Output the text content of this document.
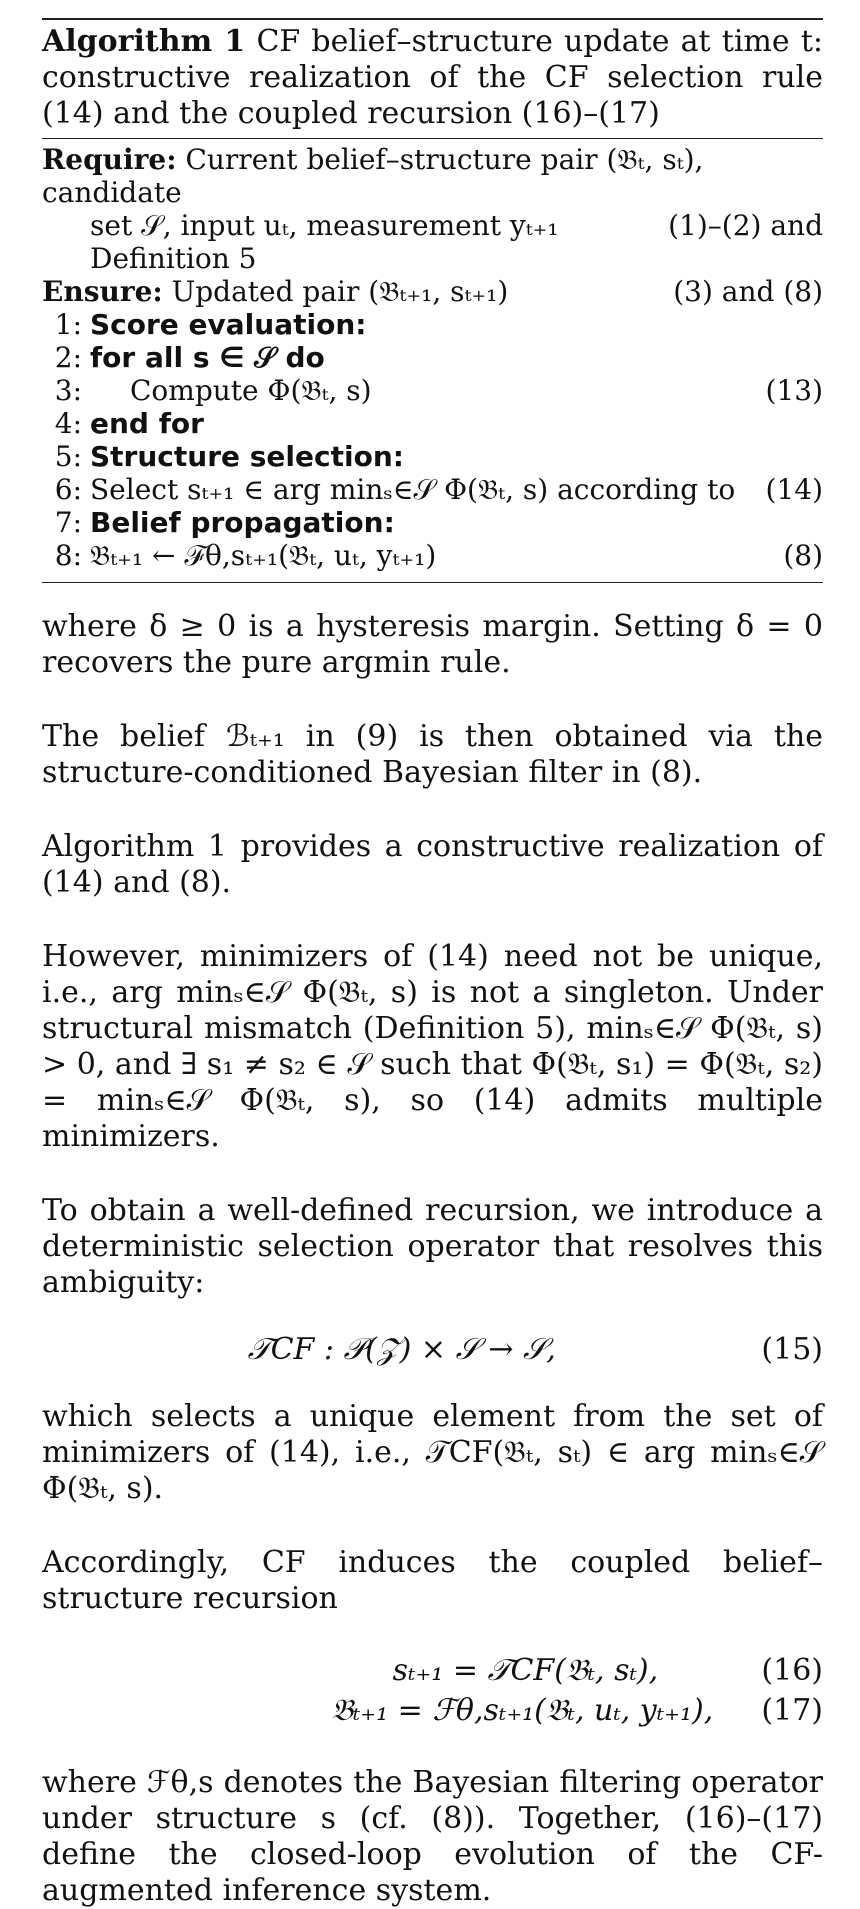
Algorithm 1 CF belief–structure update at time t: constructive realization of the CF selection rule (14) and the coupled recursion (16)–(17)
Require: Current belief–structure pair (𝔅ₜ, sₜ), candidate
set 𝒮, input uₜ, measurement yₜ₊₁	(1)–(2) and
Definition 5
Ensure: Updated pair (𝔅ₜ₊₁, sₜ₊₁)	(3) and (8)
1: Score evaluation:
2: for all s ∈ 𝒮 do
3: Compute Φ(𝔅ₜ, s)	(13)
4: end for
5: Structure selection:
6: Select sₜ₊₁ ∈ arg minₛ∈𝒮 Φ(𝔅ₜ, s) according to	(14)
7: Belief propagation:
8: 𝔅ₜ₊₁ ← ℱθ,sₜ₊₁(𝔅ₜ, uₜ, yₜ₊₁)	(8)

where δ ≥ 0 is a hysteresis margin. Setting δ = 0 recovers the pure argmin rule.

The belief ℬₜ₊₁ in (9) is then obtained via the structure-conditioned Bayesian filter in (8).

Algorithm 1 provides a constructive realization of (14) and (8).

However, minimizers of (14) need not be unique, i.e., arg minₛ∈𝒮 Φ(𝔅ₜ, s) is not a singleton. Under structural mismatch (Definition 5), minₛ∈𝒮 Φ(𝔅ₜ, s) > 0, and ∃ s₁ ≠ s₂ ∈ 𝒮 such that Φ(𝔅ₜ, s₁) = Φ(𝔅ₜ, s₂) = minₛ∈𝒮 Φ(𝔅ₜ, s), so (14) admits multiple minimizers.

To obtain a well-defined recursion, we introduce a deterministic selection operator that resolves this ambiguity:

𝒯CF : 𝒫(𝒵) × 𝒮 → 𝒮,	(15)

which selects a unique element from the set of minimizers of (14), i.e., 𝒯CF(𝔅ₜ, sₜ) ∈ arg minₛ∈𝒮 Φ(𝔅ₜ, s).

Accordingly, CF induces the coupled belief–structure recursion

sₜ₊₁ = 𝒯CF(𝔅ₜ, sₜ),	(16)
𝔅ₜ₊₁ = ℱθ,sₜ₊₁(𝔅ₜ, uₜ, yₜ₊₁),	(17)

where ℱθ,s denotes the Bayesian filtering operator under structure s (cf. (8)). Together, (16)–(17) define the closed-loop evolution of the CF-augmented inference system.
